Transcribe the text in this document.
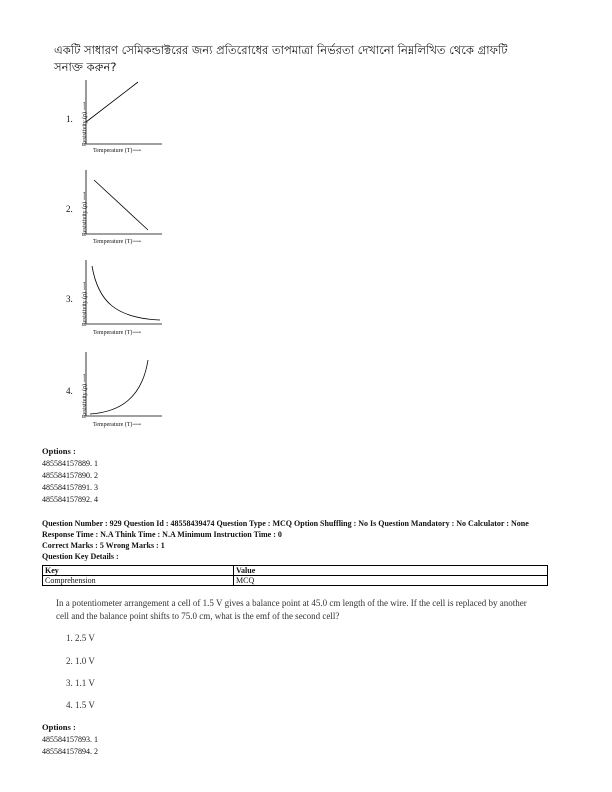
একটি সাধারণ সেমিকন্ডাক্টরের জন্য প্রতিরোধের তাপমাত্রা নির্ভরতা দেখানো নিম্নলিখিত থেকে গ্রাফটি সনাক্ত করুন?
1. Resistivity (ρ) ⟶
Temperature (T)⟶
2. Resistivity (ρ) ⟶
Temperature (T)⟶
3. Resistivity (ρ) ⟶
Temperature (T)⟶
4. Resistivity (ρ) ⟶
Temperature (T)⟶
Options :
485584157889. 1
485584157890. 2
485584157891. 3
485584157892. 4
Question Number : 929 Question Id : 48558439474 Question Type : MCQ Option Shuffling : No Is Question Mandatory : No Calculator : None
Response Time : N.A Think Time : N.A Minimum Instruction Time : 0
Correct Marks : 5 Wrong Marks : 1
Question Key Details :
Key	Value
Comprehension	MCQ
In a potentiometer arrangement a cell of 1.5 V gives a balance point at 45.0 cm length of the wire. If the cell is replaced by another cell and the balance point shifts to 75.0 cm, what is the emf of the second cell?
1. 2.5 V
2. 1.0 V
3. 1.1 V
4. 1.5 V
Options :
485584157893. 1
485584157894. 2
